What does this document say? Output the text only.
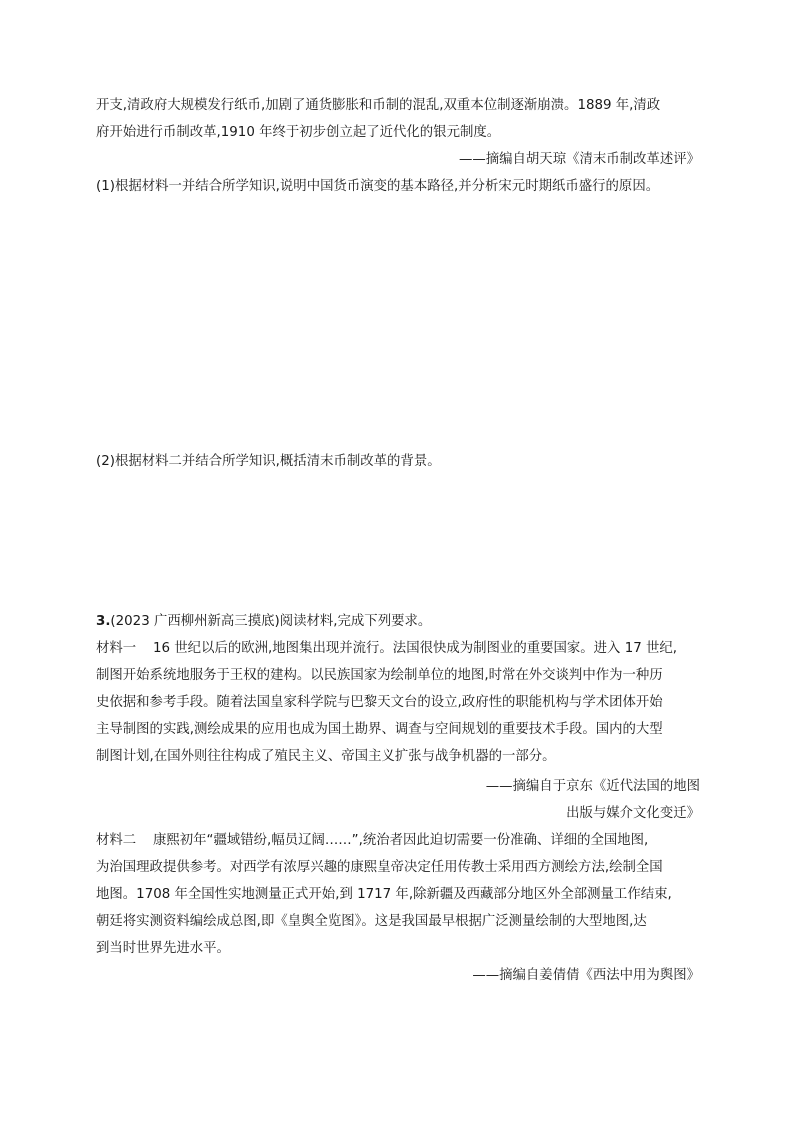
开支,清政府大规模发行纸币,加剧了通货膨胀和币制的混乱,双重本位制逐渐崩溃。1889 年,清政
府开始进行币制改革,1910 年终于初步创立起了近代化的银元制度。
——摘编自胡天琼《清末币制改革述评》
(1)根据材料一并结合所学知识,说明中国货币演变的基本路径,并分析宋元时期纸币盛行的原因。
(2)根据材料二并结合所学知识,概括清末币制改革的背景。
3.(2023 广西柳州新高三摸底)阅读材料,完成下列要求。
材料一 16 世纪以后的欧洲,地图集出现并流行。法国很快成为制图业的重要国家。进入 17 世纪,
制图开始系统地服务于王权的建构。以民族国家为绘制单位的地图,时常在外交谈判中作为一种历
史依据和参考手段。随着法国皇家科学院与巴黎天文台的设立,政府性的职能机构与学术团体开始
主导制图的实践,测绘成果的应用也成为国土勘界、调查与空间规划的重要技术手段。国内的大型
制图计划,在国外则往往构成了殖民主义、帝国主义扩张与战争机器的一部分。
——摘编自于京东《近代法国的地图
出版与媒介文化变迁》
材料二 康熙初年“疆域错纷,幅员辽阔……”,统治者因此迫切需要一份准确、详细的全国地图,
为治国理政提供参考。对西学有浓厚兴趣的康熙皇帝决定任用传教士采用西方测绘方法,绘制全国
地图。1708 年全国性实地测量正式开始,到 1717 年,除新疆及西藏部分地区外全部测量工作结束,
朝廷将实测资料编绘成总图,即《皇舆全览图》。这是我国最早根据广泛测量绘制的大型地图,达
到当时世界先进水平。
——摘编自姜倩倩《西法中用为舆图》
